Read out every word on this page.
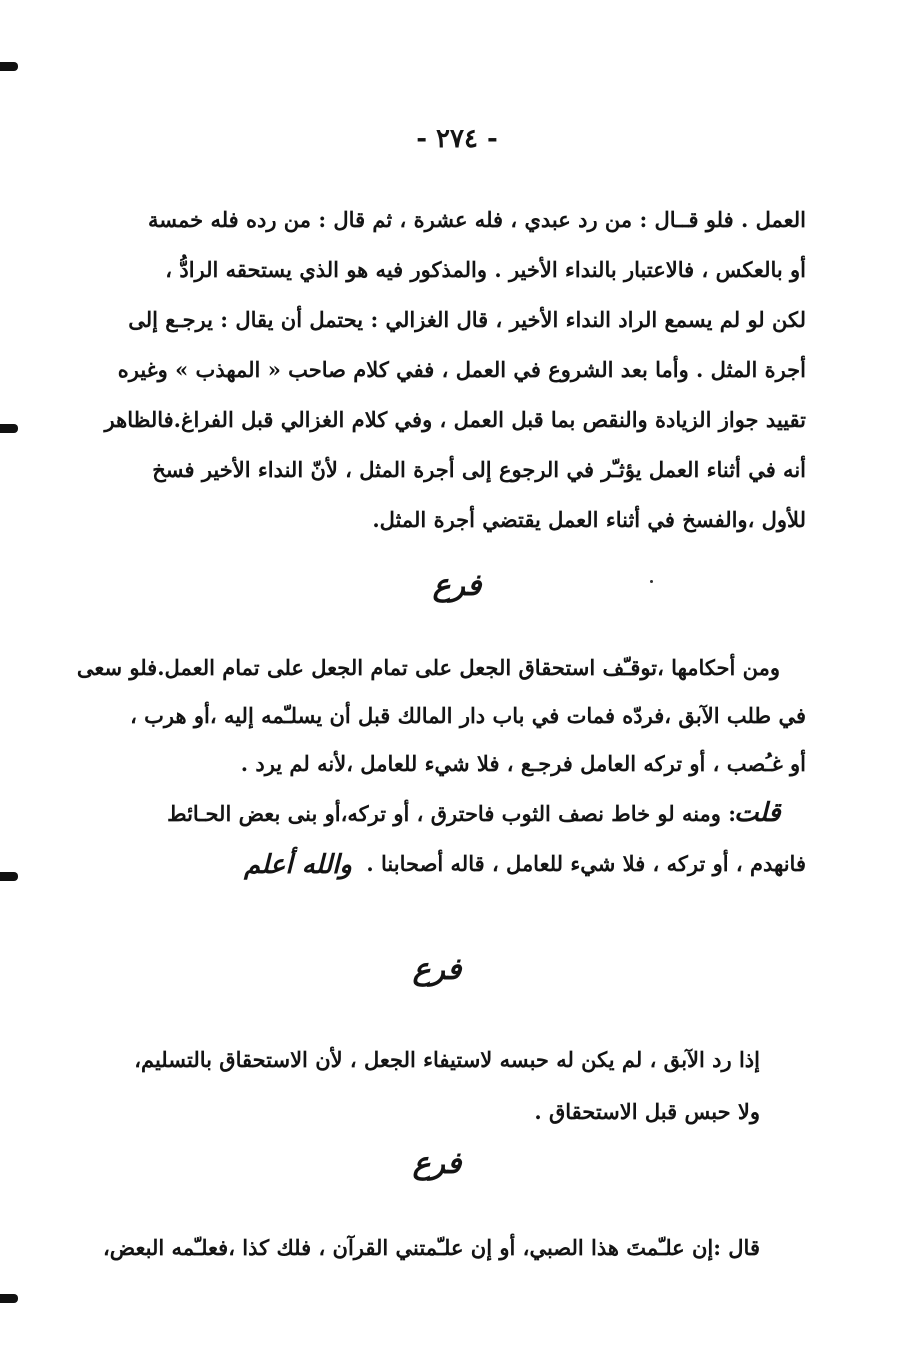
- ٢٧٤ -
العمل . فلو قــال : من رد عبدي ، فله عشرة ، ثم قال : من رده فله خمسة
أو بالعكس ، فالاعتبار بالنداء الأخير . والمذكور فيه هو الذي يستحقه الرادُّ ،
لكن لو لم يسمع الراد النداء الأخير ، قال الغزالي : يحتمل أن يقال : يرجـع إلى
أجرة المثل . وأما بعد الشروع في العمل ، ففي كلام صاحب « المهذب » وغيره
تقييد جواز الزيادة والنقص بما قبل العمل ، وفي كلام الغزالي قبل الفراغ.فالظاهر
أنه في أثناء العمل يؤثـّر في الرجوع إلى أجرة المثل ، لأنّ النداء الأخير فسخ
للأول ،والفسخ في أثناء العمل يقتضي أجرة المثل.
فرع
ومن أحكامها ،توقـّف استحقاق الجعل على تمام الجعل على تمام العمل.فلو سعى
في طلب الآبق ،فردّه فمات في باب دار المالك قبل أن يسلـّمه إليه ،أو هرب ،
أو غـُصب ، أو تركه العامل فرجـع ، فلا شيء للعامل ،لأنه لم يرد .
: ومنه لو خاط نصف الثوب فاحترق ، أو تركه،أو بنى بعض الحـائط
فانهدم ، أو تركه ، فلا شيء للعامل ، قاله أصحابنا .
قلت
والله أعلم
فرع
إذا رد الآبق ، لم يكن له حبسه لاستيفاء الجعل ، لأن الاستحقاق بالتسليم،
ولا حبس قبل الاستحقاق .
فرع
قال :إن علـّمتَ هذا الصبي، أو إن علـّمتني القرآن ، فلك كذا ،فعلـّمه البعض،
